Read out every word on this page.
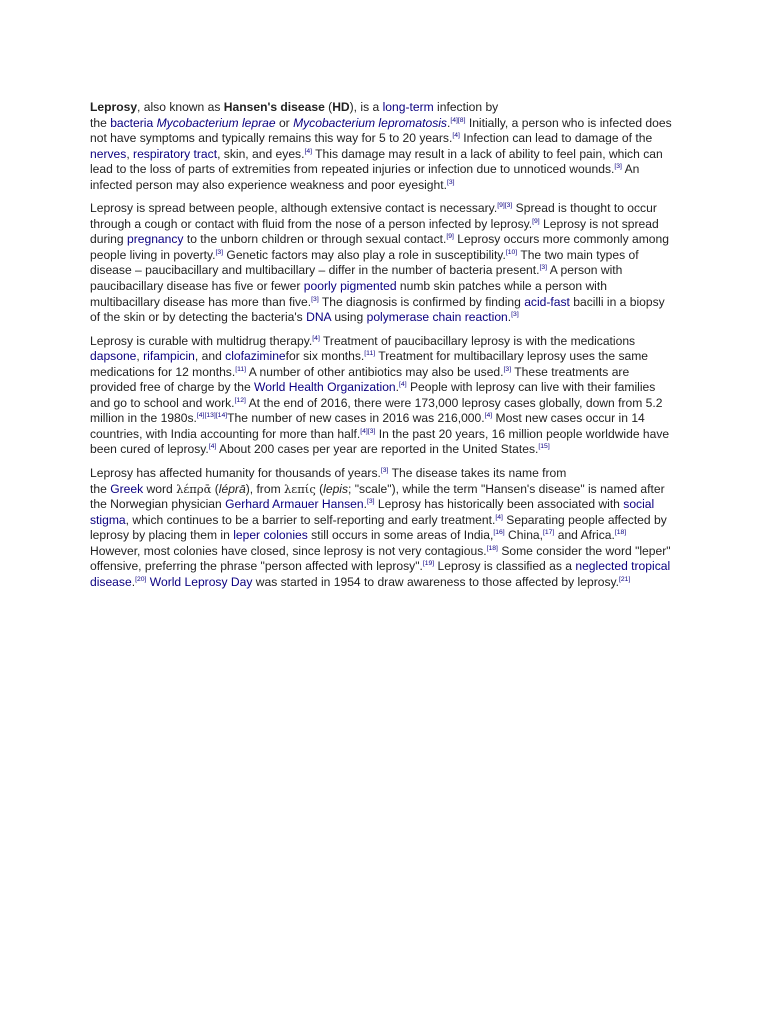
Leprosy, also known as Hansen's disease (HD), is a long-term infection by
the bacteria Mycobacterium leprae or Mycobacterium lepromatosis.[4][8] Initially, a person who is infected does not have symptoms and typically remains this way for 5 to 20 years.[4] Infection can lead to damage of the nerves, respiratory tract, skin, and eyes.[4] This damage may result in a lack of ability to feel pain, which can lead to the loss of parts of extremities from repeated injuries or infection due to unnoticed wounds.[3] An infected person may also experience weakness and poor eyesight.[3]

Leprosy is spread between people, although extensive contact is necessary.[9][3] Spread is thought to occur through a cough or contact with fluid from the nose of a person infected by leprosy.[9] Leprosy is not spread during pregnancy to the unborn children or through sexual contact.[9] Leprosy occurs more commonly among people living in poverty.[3] Genetic factors may also play a role in susceptibility.[10] The two main types of disease – paucibacillary and multibacillary – differ in the number of bacteria present.[3] A person with paucibacillary disease has five or fewer poorly pigmented numb skin patches while a person with multibacillary disease has more than five.[3] The diagnosis is confirmed by finding acid-fast bacilli in a biopsy of the skin or by detecting the bacteria's DNA using polymerase chain reaction.[3]

Leprosy is curable with multidrug therapy.[4] Treatment of paucibacillary leprosy is with the medications dapsone, rifampicin, and clofaziminefor six months.[11] Treatment for multibacillary leprosy uses the same medications for 12 months.[11] A number of other antibiotics may also be used.[3] These treatments are provided free of charge by the World Health Organization.[4] People with leprosy can live with their families and go to school and work.[12] At the end of 2016, there were 173,000 leprosy cases globally, down from 5.2 million in the 1980s.[4][13][14]The number of new cases in 2016 was 216,000.[4] Most new cases occur in 14 countries, with India accounting for more than half.[4][3] In the past 20 years, 16 million people worldwide have been cured of leprosy.[4] About 200 cases per year are reported in the United States.[15]

Leprosy has affected humanity for thousands of years.[3] The disease takes its name from
the Greek word λέπρᾱ (léprā), from λεπίς (lepis; "scale"), while the term "Hansen's disease" is named after the Norwegian physician Gerhard Armauer Hansen.[3] Leprosy has historically been associated with social stigma, which continues to be a barrier to self-reporting and early treatment.[4] Separating people affected by leprosy by placing them in leper colonies still occurs in some areas of India,[16] China,[17] and Africa.[18] However, most colonies have closed, since leprosy is not very contagious.[18] Some consider the word "leper" offensive, preferring the phrase "person affected with leprosy".[19] Leprosy is classified as a neglected tropical disease.[20] World Leprosy Day was started in 1954 to draw awareness to those affected by leprosy.[21]
